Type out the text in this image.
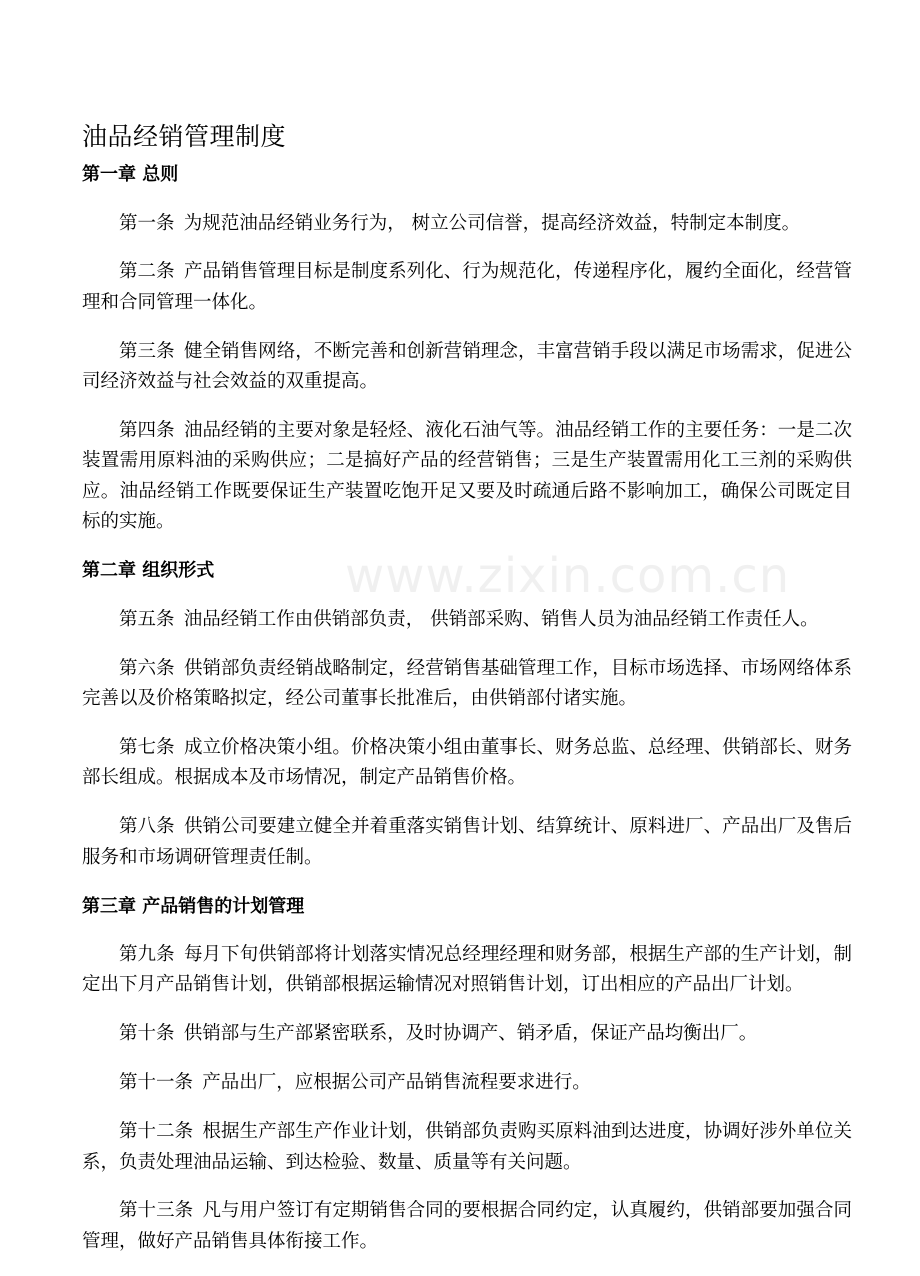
www.zixin.com.cn
油品经销管理制度
第一章 总则

第一条 为规范油品经销业务行为， 树立公司信誉，提高经济效益，特制定本制度。

第二条 产品销售管理目标是制度系列化、行为规范化，传递程序化，履约全面化，经营管理和合同管理一体化。

第三条 健全销售网络，不断完善和创新营销理念，丰富营销手段以满足市场需求，促进公司经济效益与社会效益的双重提高。

第四条 油品经销的主要对象是轻烃、液化石油气等。油品经销工作的主要任务：一是二次装置需用原料油的采购供应；二是搞好产品的经营销售；三是生产装置需用化工三剂的采购供应。油品经销工作既要保证生产装置吃饱开足又要及时疏通后路不影响加工，确保公司既定目标的实施。

第二章 组织形式

第五条 油品经销工作由供销部负责， 供销部采购、销售人员为油品经销工作责任人。

第六条 供销部负责经销战略制定，经营销售基础管理工作，目标市场选择、市场网络体系完善以及价格策略拟定，经公司董事长批准后，由供销部付诸实施。

第七条 成立价格决策小组。价格决策小组由董事长、财务总监、总经理、供销部长、财务部长组成。根据成本及市场情况，制定产品销售价格。

第八条 供销公司要建立健全并着重落实销售计划、结算统计、原料进厂、产品出厂及售后服务和市场调研管理责任制。

第三章 产品销售的计划管理

第九条 每月下旬供销部将计划落实情况总经理经理和财务部，根据生产部的生产计划，制定出下月产品销售计划，供销部根据运输情况对照销售计划，订出相应的产品出厂计划。

第十条 供销部与生产部紧密联系，及时协调产、销矛盾，保证产品均衡出厂。

第十一条 产品出厂，应根据公司产品销售流程要求进行。

第十二条 根据生产部生产作业计划，供销部负责购买原料油到达进度，协调好涉外单位关系，负责处理油品运输、到达检验、数量、质量等有关问题。

第十三条 凡与用户签订有定期销售合同的要根据合同约定，认真履约，供销部要加强合同管理，做好产品销售具体衔接工作。
